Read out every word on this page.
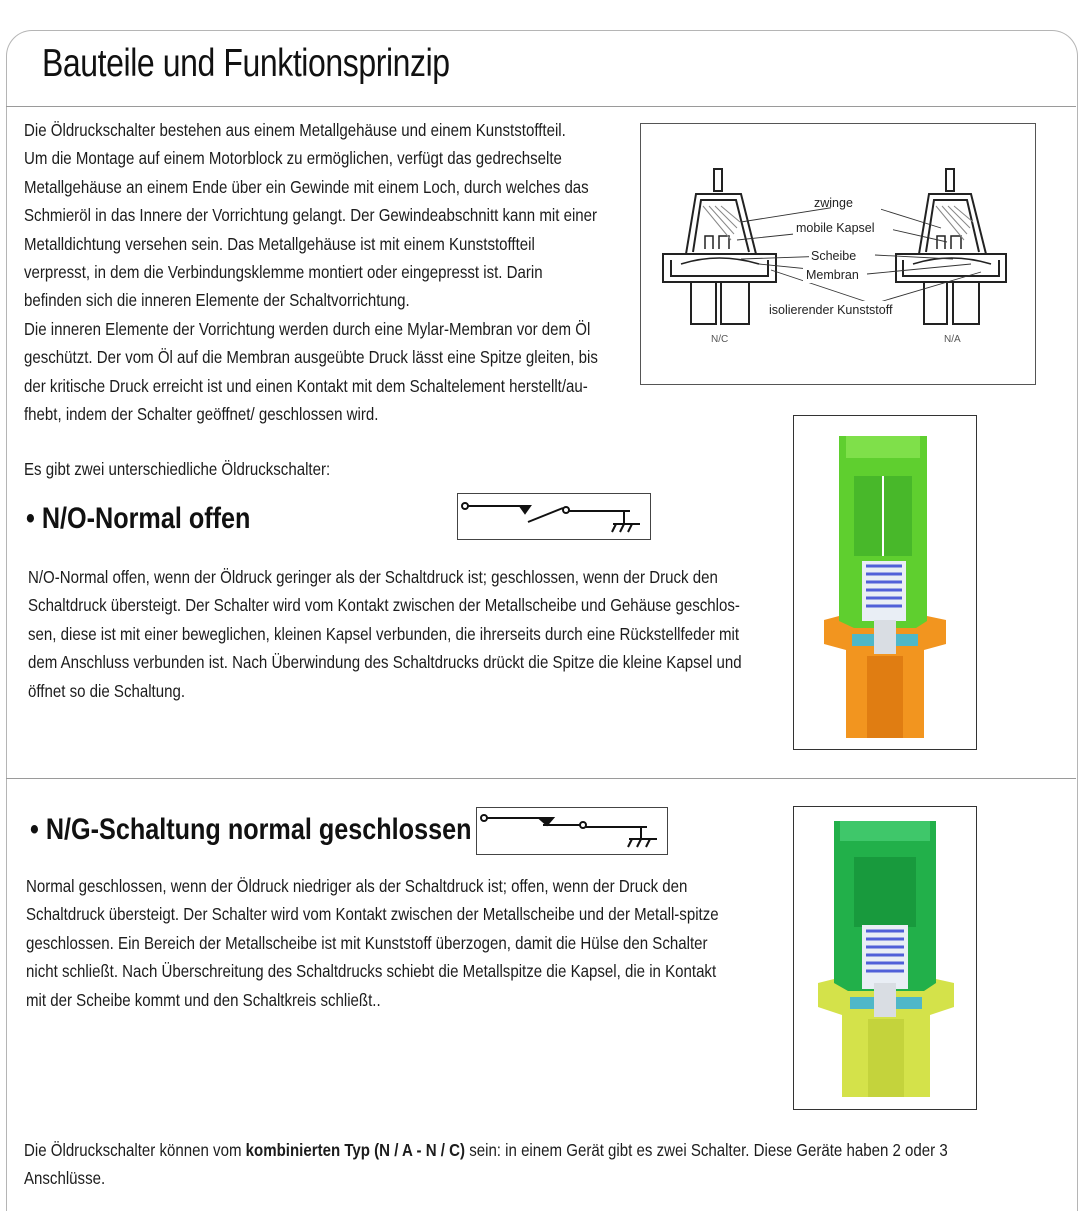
Bauteile und Funktionsprinzip
Die Öldruckschalter bestehen aus einem Metallgehäuse und einem Kunststoffteil.
Um die Montage auf einem Motorblock zu ermöglichen, verfügt das gedrechselte
Metallgehäuse an einem Ende über ein Gewinde mit einem Loch, durch welches das
Schmieröl in das Innere der Vorrichtung gelangt. Der Gewindeabschnitt kann mit einer
Metalldichtung versehen sein. Das Metallgehäuse ist mit einem Kunststoffteil
verpresst, in dem die Verbindungsklemme montiert oder eingepresst ist. Darin
befinden sich die inneren Elemente der Schaltvorrichtung.
Die inneren Elemente der Vorrichtung werden durch eine Mylar-Membran vor dem Öl
geschützt. Der vom Öl auf die Membran ausgeübte Druck lässt eine Spitze gleiten, bis
der kritische Druck erreicht ist und einen Kontakt mit dem Schaltelement herstellt/au-
fhebt, indem der Schalter geöffnet/ geschlossen wird.
zwinge
mobile Kapsel
Scheibe
Membran
isolierender Kunststoff
N/C	N/A
Es gibt zwei unterschiedliche Öldruckschalter:
• N/O-Normal offen
N/O-Normal offen, wenn der Öldruck geringer als der Schaltdruck ist; geschlossen, wenn der Druck den
Schaltdruck übersteigt. Der Schalter wird vom Kontakt zwischen der Metallscheibe und Gehäuse geschlos-
sen, diese ist mit einer beweglichen, kleinen Kapsel verbunden, die ihrerseits durch eine Rückstellfeder mit
dem Anschluss verbunden ist. Nach Überwindung des Schaltdrucks drückt die Spitze die kleine Kapsel und
öffnet so die Schaltung.
• N/G-Schaltung normal geschlossen
Normal geschlossen, wenn der Öldruck niedriger als der Schaltdruck ist; offen, wenn der Druck den
Schaltdruck übersteigt. Der Schalter wird vom Kontakt zwischen der Metallscheibe und der Metall-spitze
geschlossen. Ein Bereich der Metallscheibe ist mit Kunststoff überzogen, damit die Hülse den Schalter
nicht schließt. Nach Überschreitung des Schaltdrucks schiebt die Metallspitze die Kapsel, die in Kontakt
mit der Scheibe kommt und den Schaltkreis schließt..
Die Öldruckschalter können vom kombinierten Typ (N / A - N / C) sein: in einem Gerät gibt es zwei Schalter. Diese Geräte haben 2 oder 3
Anschlüsse.
